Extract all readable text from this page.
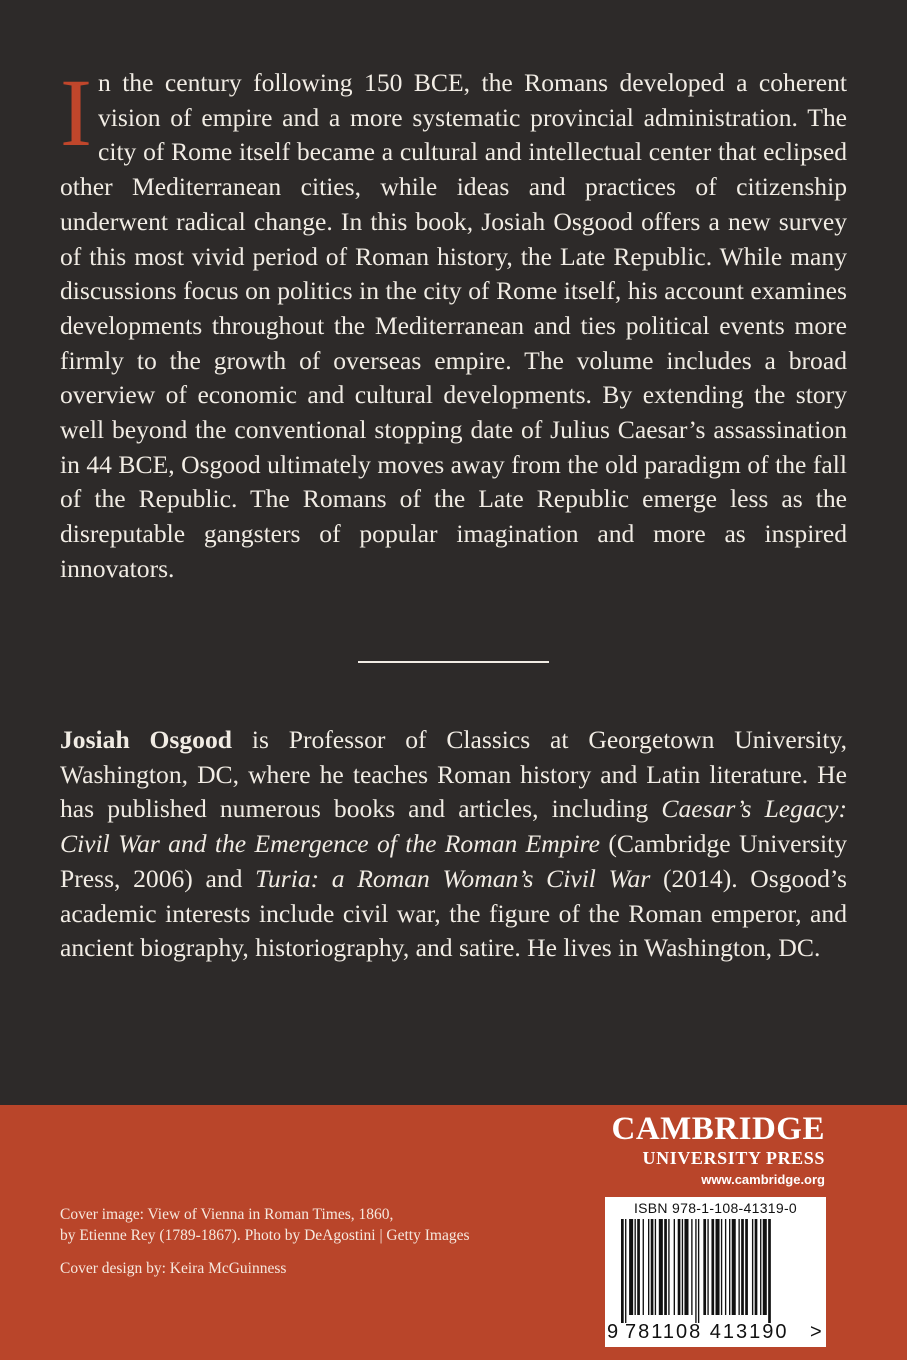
In the century following 150 BCE, the Romans developed a coherent vision of empire and a more systematic provincial administration. The city of Rome itself became a cultural and intellectual center that eclipsed other Mediterranean cities, while ideas and practices of citizenship underwent radical change. In this book, Josiah Osgood offers a new survey of this most vivid period of Roman history, the Late Republic. While many discussions focus on politics in the city of Rome itself, his account examines developments throughout the Mediterranean and ties political events more firmly to the growth of overseas empire. The volume includes a broad overview of economic and cultural developments. By extending the story well beyond the conventional stopping date of Julius Caesar’s assassination in 44 BCE, Osgood ultimately moves away from the old paradigm of the fall of the Republic. The Romans of the Late Republic emerge less as the disreputable gangsters of popular imagination and more as inspired innovators.

Josiah Osgood is Professor of Classics at Georgetown University, Washington, DC, where he teaches Roman history and Latin literature. He has published numerous books and articles, including Caesar’s Legacy: Civil War and the Emergence of the Roman Empire (Cambridge University Press, 2006) and Turia: a Roman Woman’s Civil War (2014). Osgood’s academic interests include civil war, the figure of the Roman emperor, and ancient biography, historiography, and satire. He lives in Washington, DC.

Cover image: View of Vienna in Roman Times, 1860,
by Etienne Rey (1789-1867). Photo by DeAgostini | Getty Images
Cover design by: Keira McGuinness
CAMBRIDGE
UNIVERSITY PRESS
www.cambridge.org
ISBN 978-1-108-41319-0
9 781108 413190 >
